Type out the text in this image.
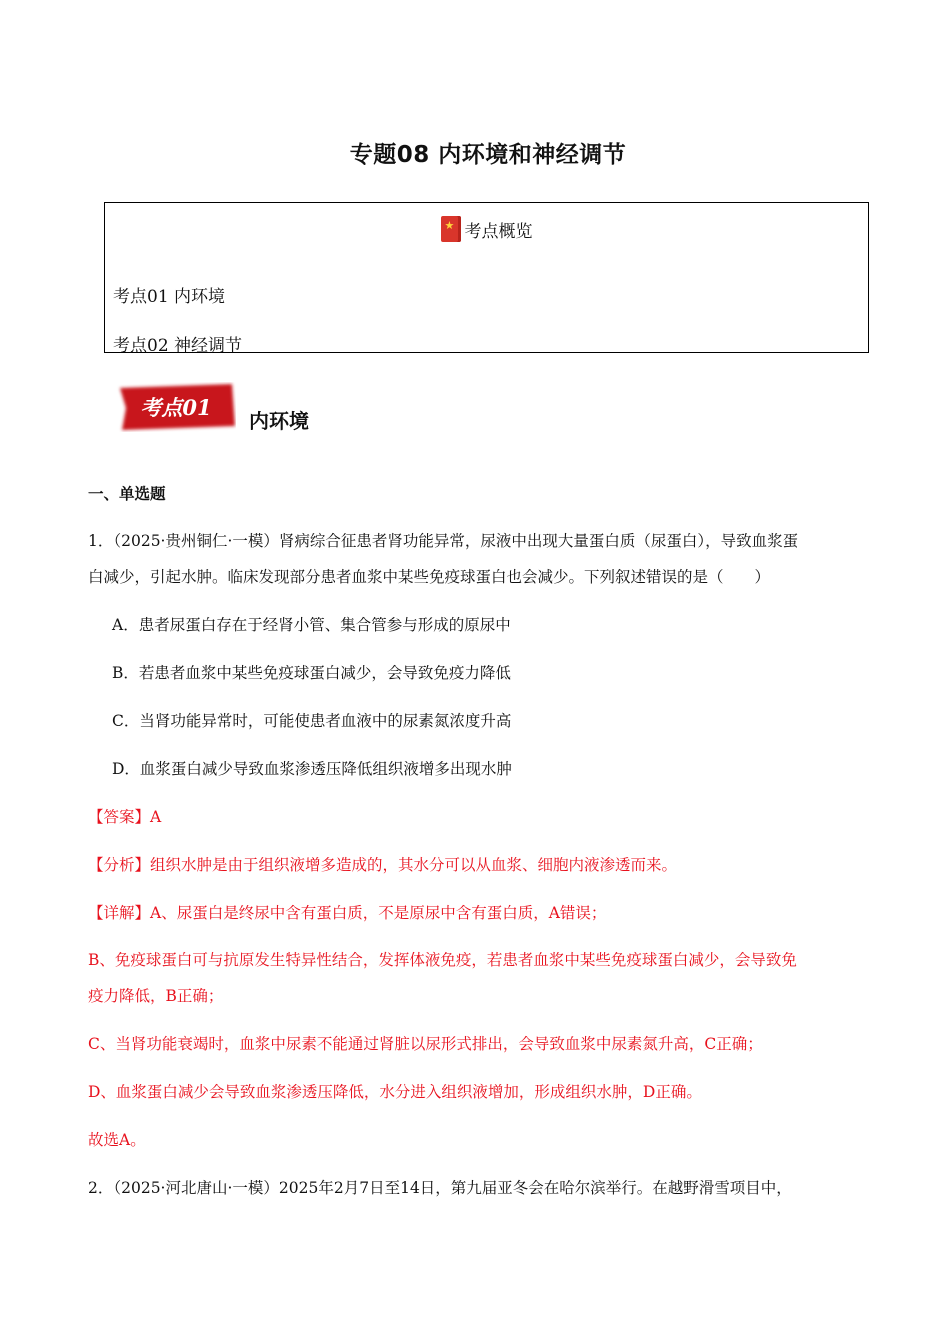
专题08 内环境和神经调节
★
考点概览
考点01 内环境
考点02 神经调节
考点01
内环境
一、单选题
1．（2025·贵州铜仁·一模）肾病综合征患者肾功能异常，尿液中出现大量蛋白质（尿蛋白），导致血浆蛋
白减少，引起水肿。临床发现部分患者血浆中某些免疫球蛋白也会减少。下列叙述错误的是（　　）
A．患者尿蛋白存在于经肾小管、集合管参与形成的原尿中
B．若患者血浆中某些免疫球蛋白减少，会导致免疫力降低
C．当肾功能异常时，可能使患者血液中的尿素氮浓度升高
D．血浆蛋白减少导致血浆渗透压降低组织液增多出现水肿
【答案】A
【分析】组织水肿是由于组织液增多造成的，其水分可以从血浆、细胞内液渗透而来。
【详解】A、尿蛋白是终尿中含有蛋白质，不是原尿中含有蛋白质，A错误；
B、免疫球蛋白可与抗原发生特异性结合，发挥体液免疫，若患者血浆中某些免疫球蛋白减少，会导致免
疫力降低，B正确；
C、当肾功能衰竭时，血浆中尿素不能通过肾脏以尿形式排出，会导致血浆中尿素氮升高，C正确；
D、血浆蛋白减少会导致血浆渗透压降低，水分进入组织液增加，形成组织水肿，D正确。
故选A。
2．（2025·河北唐山·一模）2025年2月7日至14日，第九届亚冬会在哈尔滨举行。在越野滑雪项目中，
